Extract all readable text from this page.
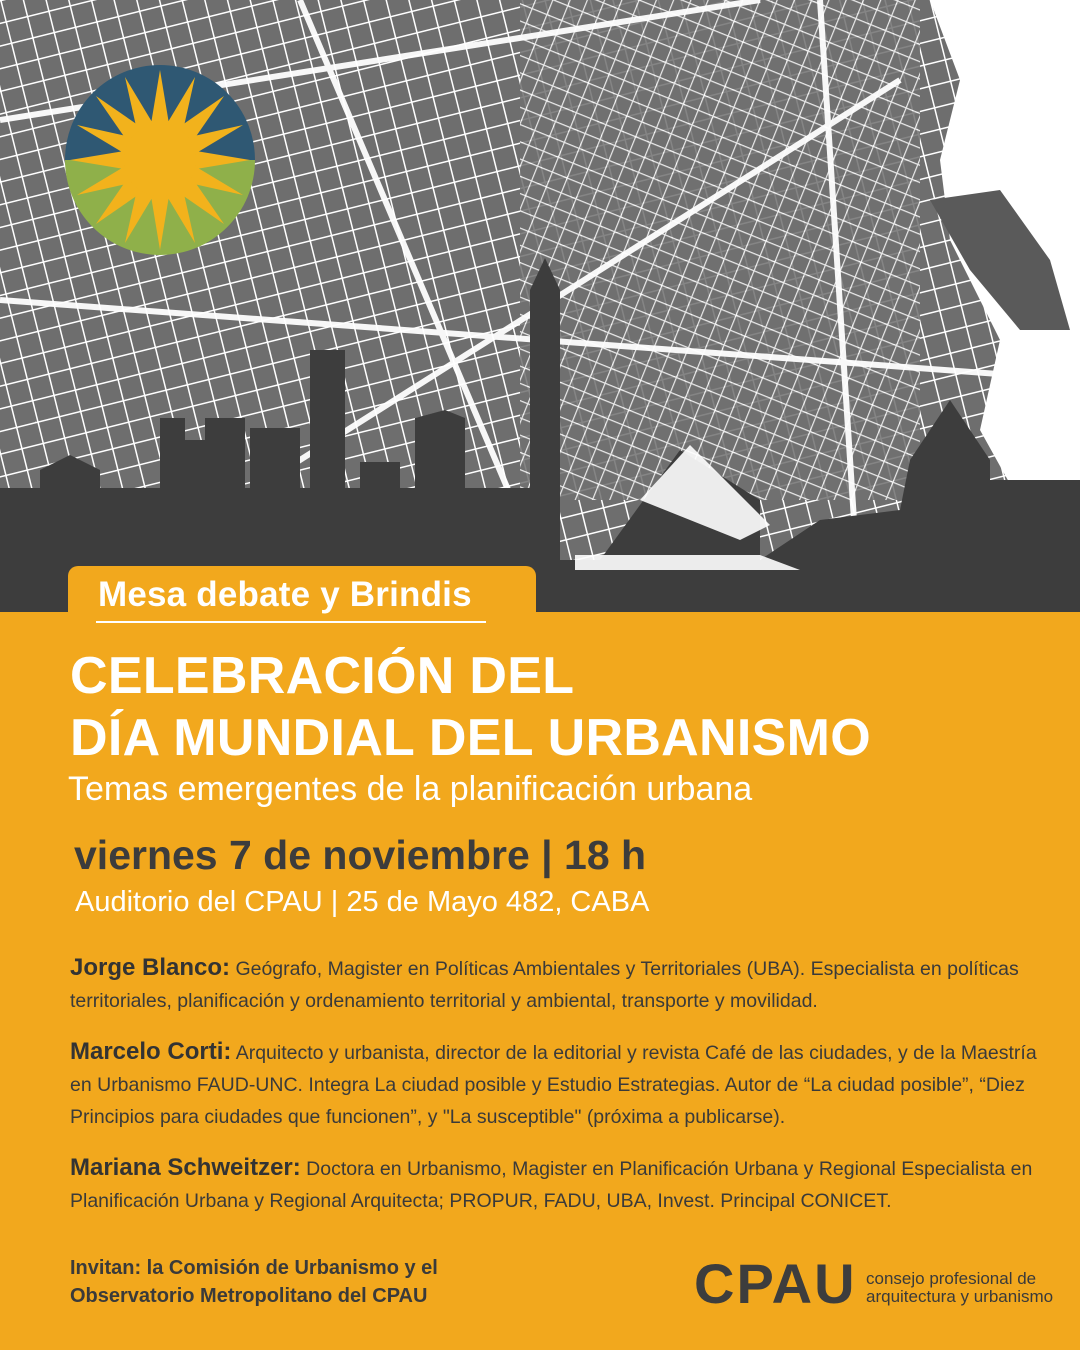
Mesa debate y Brindis
CELEBRACIÓN DEL
DÍA MUNDIAL DEL URBANISMO
Temas emergentes de la planificación urbana
viernes 7 de noviembre | 18 h
Auditorio del CPAU | 25 de Mayo 482, CABA
Jorge Blanco: Geógrafo, Magister en Políticas Ambientales y Territoriales (UBA). Especialista en políticas territoriales, planificación y ordenamiento territorial y ambiental, transporte y movilidad.
Marcelo Corti: Arquitecto y urbanista, director de la editorial y revista Café de las ciudades, y de la Maestría en Urbanismo FAUD-UNC. Integra La ciudad posible y Estudio Estrategias. Autor de “La ciudad posible”, “Diez Principios para ciudades que funcionen”, y "La susceptible" (próxima a publicarse).
Mariana Schweitzer: Doctora en Urbanismo, Magister en Planificación Urbana y Regional Especialista en Planificación Urbana y Regional Arquitecta; PROPUR, FADU, UBA, Invest. Principal CONICET.
Invitan: la Comisión de Urbanismo y el Observatorio Metropolitano del CPAU	CPAU consejo profesional de arquitectura y urbanismo
